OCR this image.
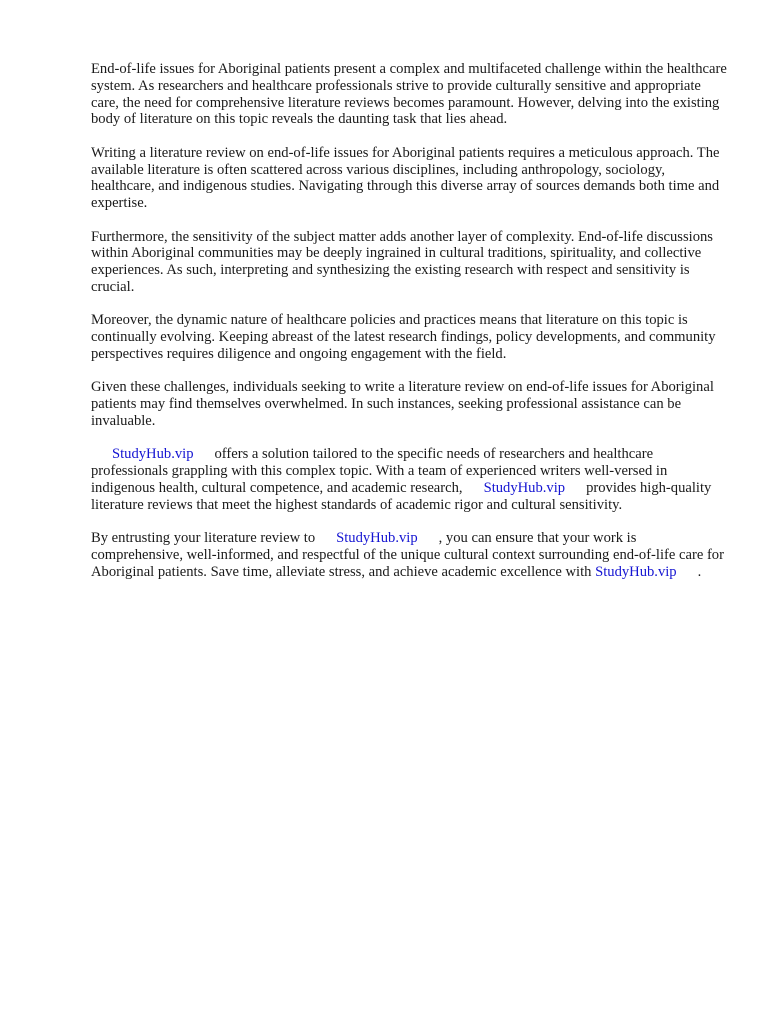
End-of-life issues for Aboriginal patients present a complex and multifaceted challenge within the healthcare system. As researchers and healthcare professionals strive to provide culturally sensitive and appropriate care, the need for comprehensive literature reviews becomes paramount. However, delving into the existing body of literature on this topic reveals the daunting task that lies ahead.

Writing a literature review on end-of-life issues for Aboriginal patients requires a meticulous approach. The available literature is often scattered across various disciplines, including anthropology, sociology, healthcare, and indigenous studies. Navigating through this diverse array of sources demands both time and expertise.

Furthermore, the sensitivity of the subject matter adds another layer of complexity. End-of-life discussions within Aboriginal communities may be deeply ingrained in cultural traditions, spirituality, and collective experiences. As such, interpreting and synthesizing the existing research with respect and sensitivity is crucial.

Moreover, the dynamic nature of healthcare policies and practices means that literature on this topic is continually evolving. Keeping abreast of the latest research findings, policy developments, and community perspectives requires diligence and ongoing engagement with the field.

Given these challenges, individuals seeking to write a literature review on end-of-life issues for Aboriginal patients may find themselves overwhelmed. In such instances, seeking professional assistance can be invaluable.

StudyHub.vip offers a solution tailored to the specific needs of researchers and healthcare professionals grappling with this complex topic. With a team of experienced writers well-versed in indigenous health, cultural competence, and academic research, StudyHub.vip provides high-quality literature reviews that meet the highest standards of academic rigor and cultural sensitivity.

By entrusting your literature review to StudyHub.vip , you can ensure that your work is comprehensive, well-informed, and respectful of the unique cultural context surrounding end-of-life care for Aboriginal patients. Save time, alleviate stress, and achieve academic excellence with StudyHub.vip .
